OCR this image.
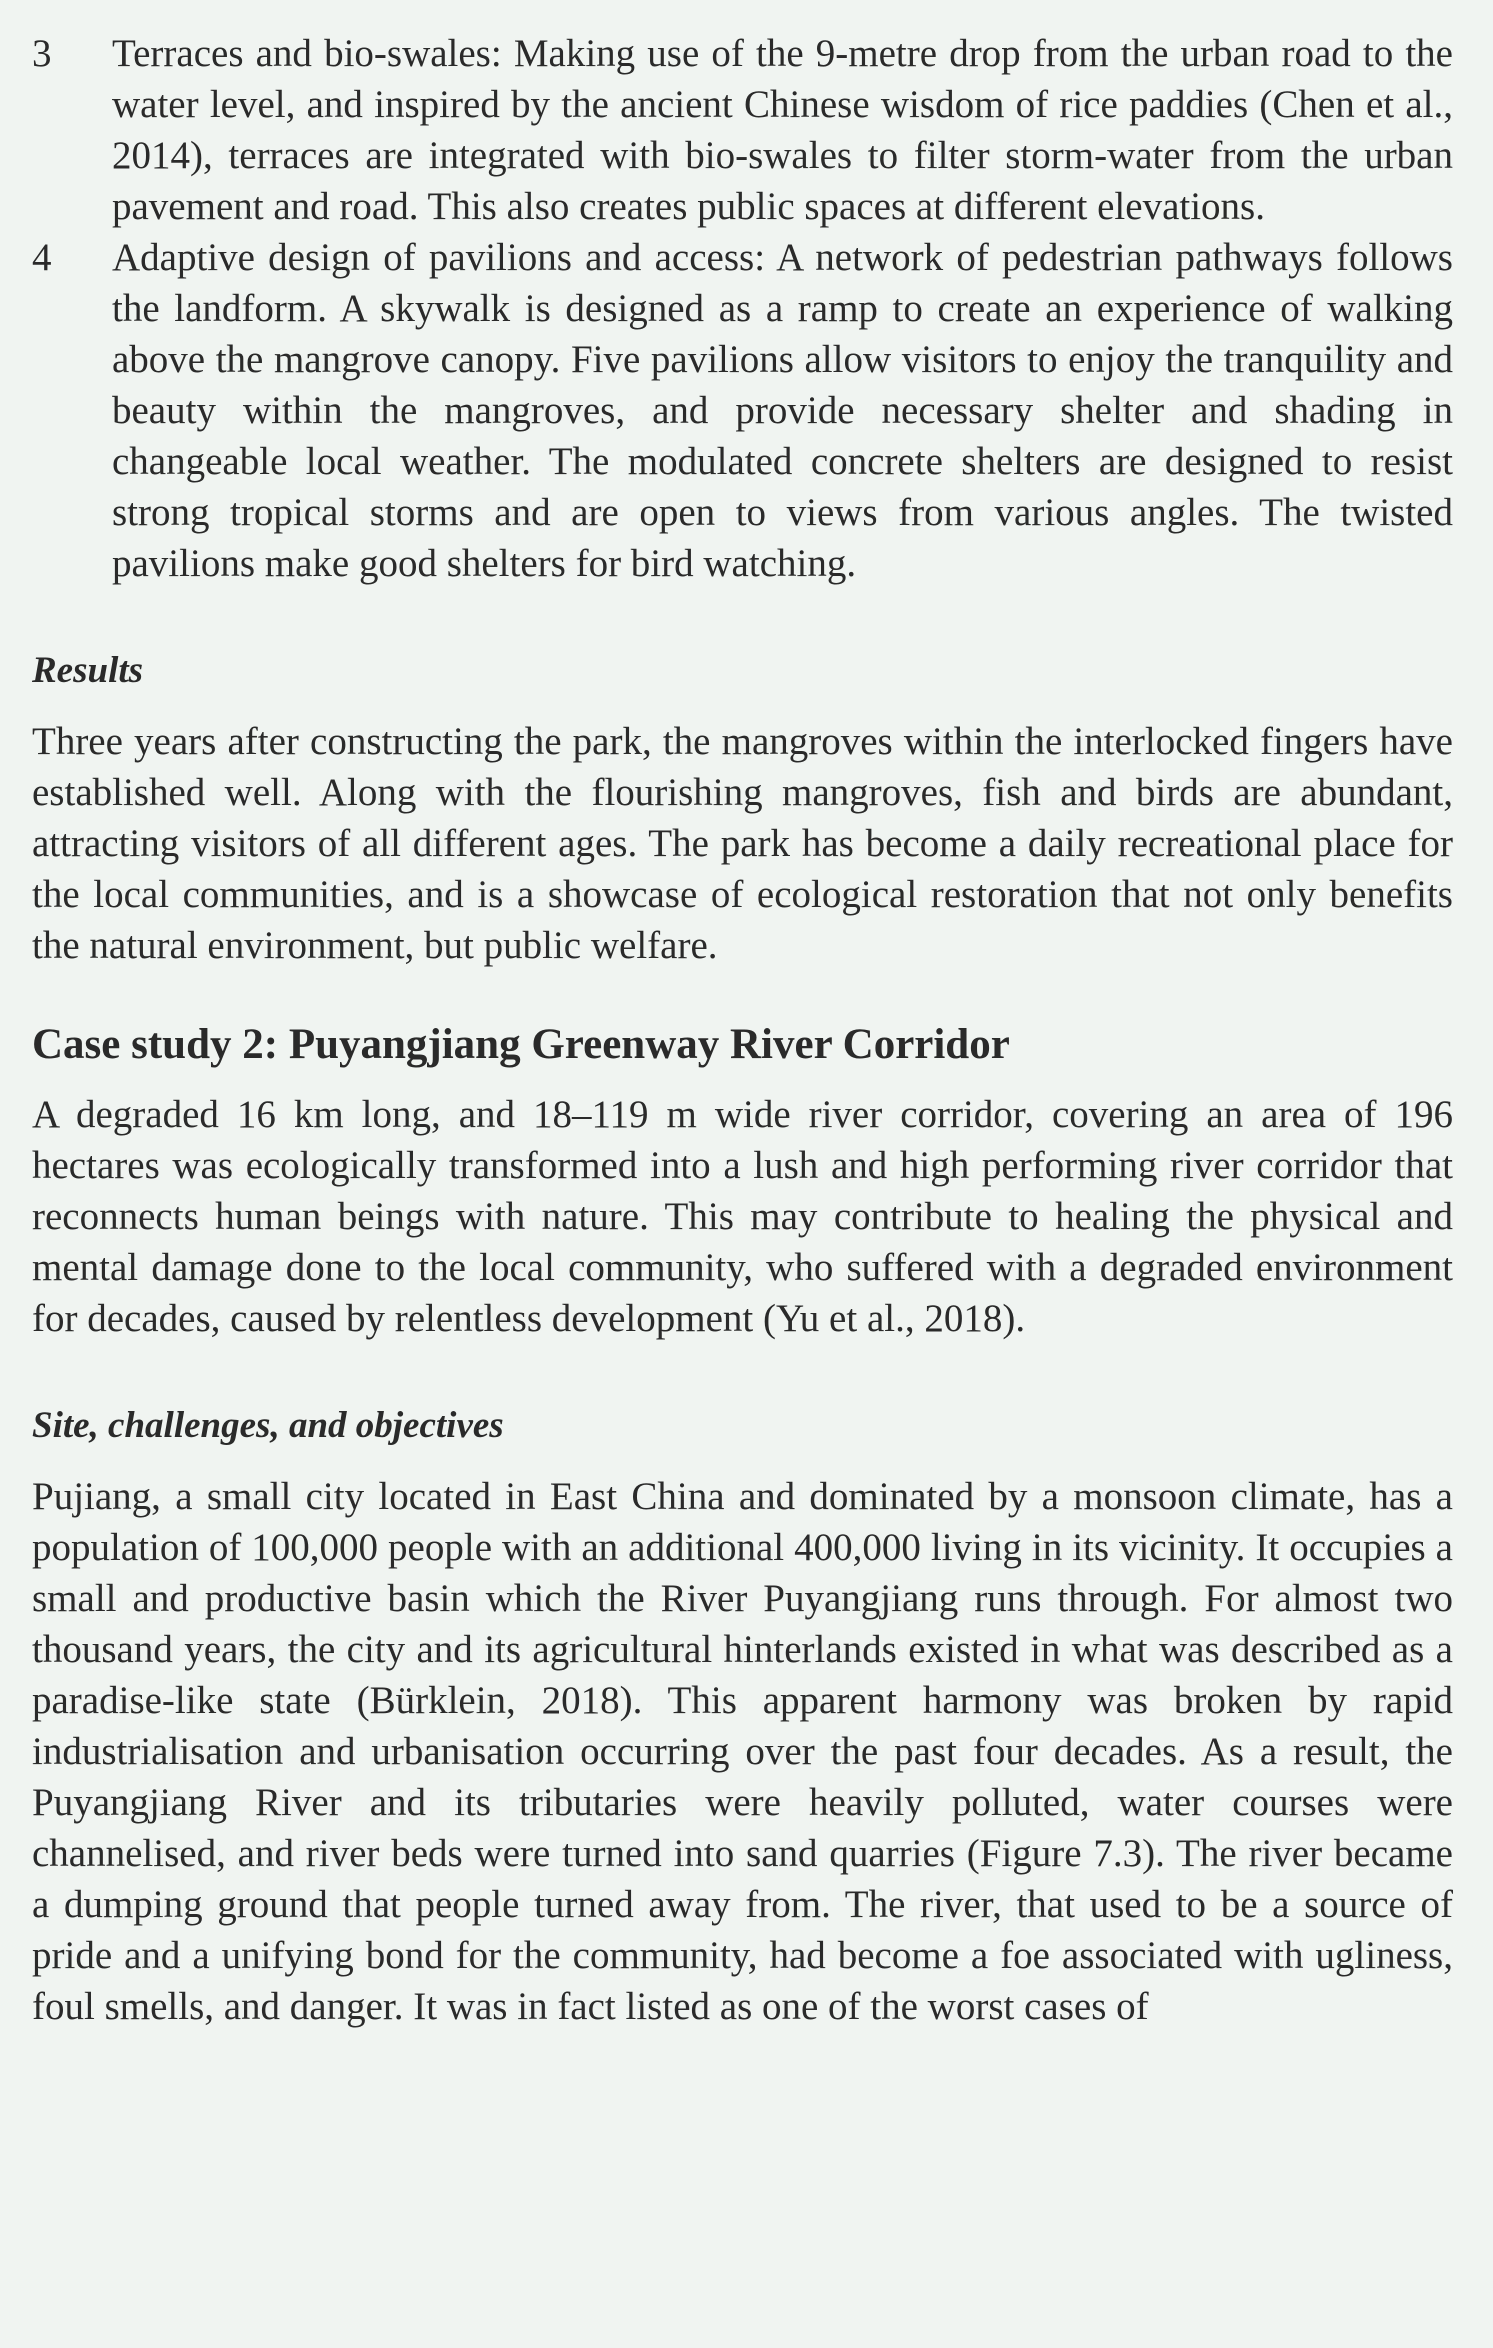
3 Terraces and bio-swales: Making use of the 9-metre drop from the urban road to the water level, and inspired by the ancient Chinese wisdom of rice paddies (Chen et al., 2014), terraces are integrated with bio-swales to filter storm-water from the urban pavement and road. This also creates public spaces at different elevations.
4 Adaptive design of pavilions and access: A network of pedestrian pathways follows the landform. A skywalk is designed as a ramp to create an experience of walking above the mangrove canopy. Five pavilions allow visitors to enjoy the tranquility and beauty within the mangroves, and provide necessary shelter and shading in changeable local weather. The modulated concrete shelters are designed to resist strong tropical storms and are open to views from various angles. The twisted pavilions make good shelters for bird watching.
Results

Three years after constructing the park, the mangroves within the interlocked fingers have established well. Along with the flourishing mangroves, fish and birds are abundant, attracting visitors of all different ages. The park has become a daily recreational place for the local communities, and is a showcase of ecological restoration that not only benefits the natural environment, but public welfare.

Case study 2: Puyangjiang Greenway River Corridor

A degraded 16 km long, and 18–119 m wide river corridor, covering an area of 196 hectares was ecologically transformed into a lush and high performing river corridor that reconnects human beings with nature. This may contribute to healing the physical and mental damage done to the local community, who suffered with a degraded environment for decades, caused by relentless development (Yu et al., 2018).

Site, challenges, and objectives

Pujiang, a small city located in East China and dominated by a monsoon climate, has a population of 100,000 people with an additional 400,000 living in its vicinity. It occupies a small and productive basin which the River Puyangjiang runs through. For almost two thousand years, the city and its agricultural hinterlands existed in what was described as a paradise-like state (Bürklein, 2018). This apparent harmony was broken by rapid industrialisation and urbanisation occurring over the past four decades. As a result, the Puyangjiang River and its tributaries were heavily polluted, water courses were channelised, and river beds were turned into sand quarries (Figure 7.3). The river became a dumping ground that people turned away from. The river, that used to be a source of pride and a unifying bond for the community, had become a foe associated with ugliness, foul smells, and danger. It was in fact listed as one of the worst cases of
